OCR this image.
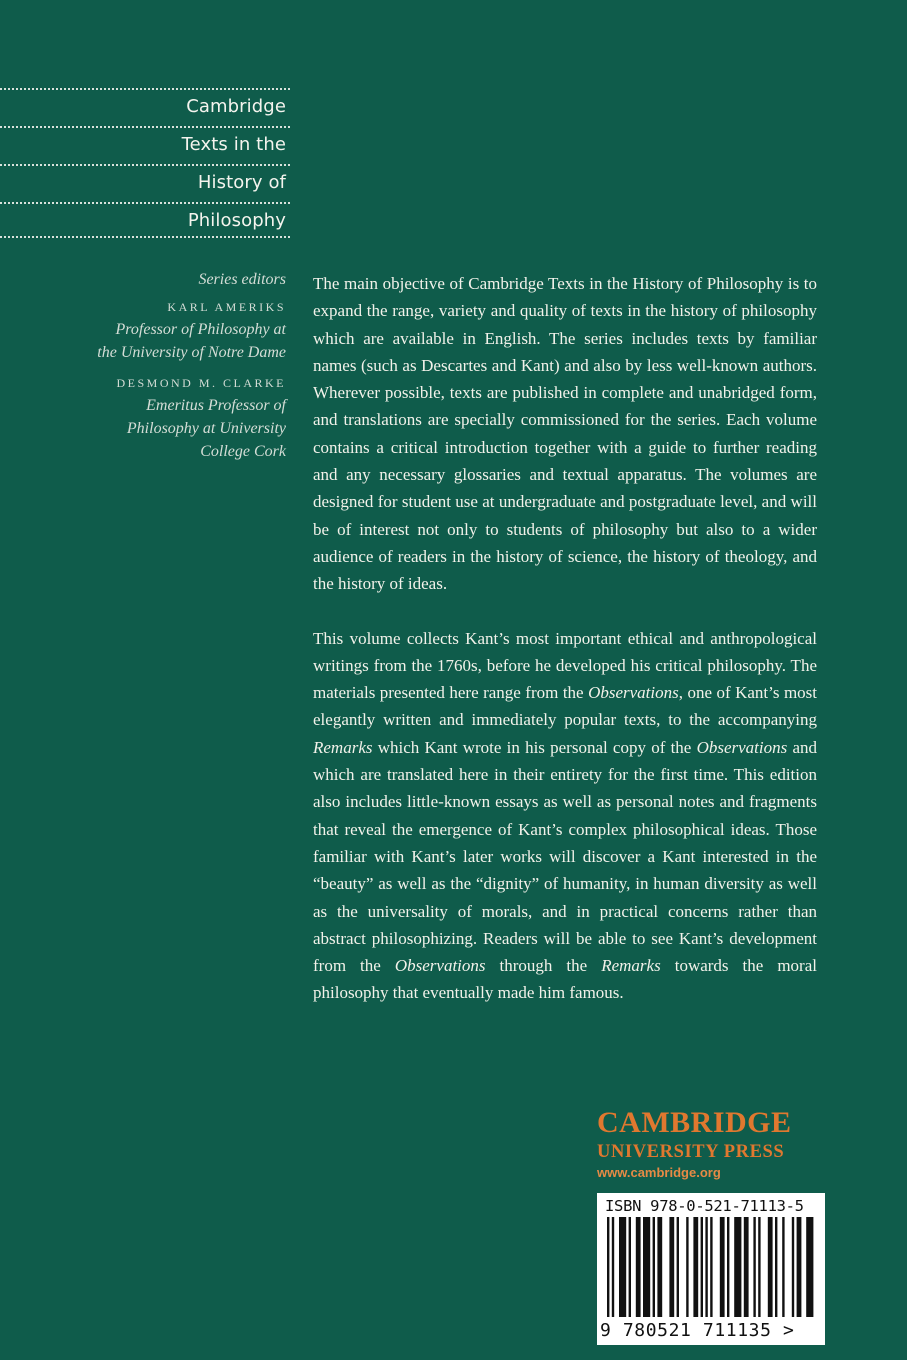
Cambridge
Texts in the
History of
Philosophy
Series editors
KARL AMERIKS
Professor of Philosophy at
the University of Notre Dame
DESMOND M. CLARKE
Emeritus Professor of
Philosophy at University
College Cork

The main objective of Cambridge Texts in the History of Philosophy is to expand the range, variety and quality of texts in the history of philosophy which are available in English. The series includes texts by familiar names (such as Descartes and Kant) and also by less well-known authors. Wherever possible, texts are published in complete and unabridged form, and translations are specially commissioned for the series. Each volume contains a critical introduction together with a guide to further reading and any necessary glossaries and textual apparatus. The volumes are designed for student use at undergraduate and postgraduate level, and will be of interest not only to students of philosophy but also to a wider audience of readers in the history of science, the history of theology, and the history of ideas.

This volume collects Kant’s most important ethical and anthropological writings from the 1760s, before he developed his critical philosophy. The materials presented here range from the Observations, one of Kant’s most elegantly written and immediately popular texts, to the accompanying Remarks which Kant wrote in his personal copy of the Observations and which are translated here in their entirety for the first time. This edition also includes little-known essays as well as personal notes and fragments that reveal the emergence of Kant’s complex philosophical ideas. Those familiar with Kant’s later works will discover a Kant interested in the “beauty” as well as the “dignity” of humanity, in human diversity as well as the universality of morals, and in practical concerns rather than abstract philosophizing. Readers will be able to see Kant’s development from the Observations through the Remarks towards the moral philosophy that eventually made him famous.

CAMBRIDGE
UNIVERSITY PRESS
www.cambridge.org
ISBN 978-0-521-71113-5
9 780521 711135 >
